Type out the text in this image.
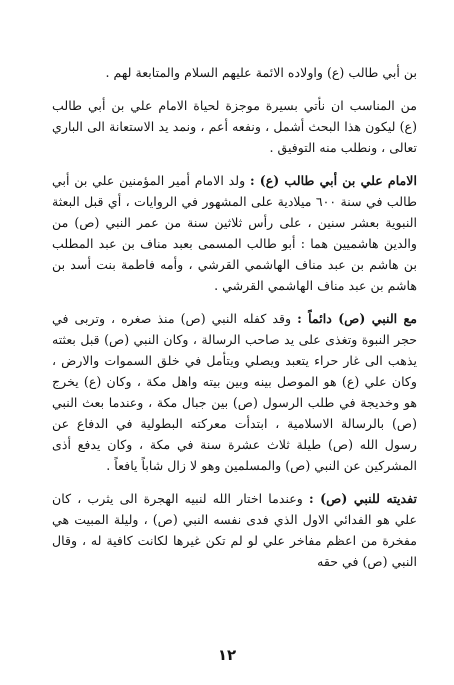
بن أبي طالب (ع) واولاده الائمة عليهم السلام والمتابعة لهم .

من المناسب ان نأتي بسيرة موجزة لحياة الامام علي بن أبي طالب (ع) ليكون هذا البحث أشمل ، ونفعه أعم ، ونمد يد الاستعانة الى الباري تعالى ، ونطلب منه التوفيق .

الامام علي بن أبي طالب (ع) : ولد الامام أمير المؤمنين علي بن أبي طالب في سنة ٦٠٠ ميلادية على المشهور في الروايات ، أي قبل البعثة النبوية بعشر سنين ، على رأس ثلاثين سنة من عمر النبي (ص) من والدين هاشميين هما : أبو طالب المسمى بعبد مناف بن عبد المطلب بن هاشم بن عبد مناف الهاشمي القرشي ، وأمه فاطمة بنت أسد بن هاشم بن عبد مناف الهاشمي القرشي .

مع النبي (ص) دائماً : وقد كفله النبي (ص) منذ صغره ، وتربى في حجر النبوة وتغذى على يد صاحب الرسالة ، وكان النبي (ص) قبل بعثته يذهب الى غار حراء يتعبد ويصلي ويتأمل في خلق السموات والارض ، وكان علي (ع) هو الموصل بينه وبين بيته واهل مكة ، وكان (ع) يخرج هو وخديجة في طلب الرسول (ص) بين جبال مكة ، وعندما بعث النبي (ص) بالرسالة الاسلامية ، ابتدأت معركته البطولية في الدفاع عن رسول الله (ص) طيلة ثلاث عشرة سنة في مكة ، وكان يدفع أذى المشركين عن النبي (ص) والمسلمين وهو لا زال شاباً يافعاً .

تفديته للنبي (ص) : وعندما اختار الله لنبيه الهجرة الى يثرب ، كان علي هو الفدائي الاول الذي فدى نفسه النبي (ص) ، وليلة المبيت هي مفخرة من اعظم مفاخر علي لو لم تكن غيرها لكانت كافية له ، وقال النبي (ص) في حقه

١٢
